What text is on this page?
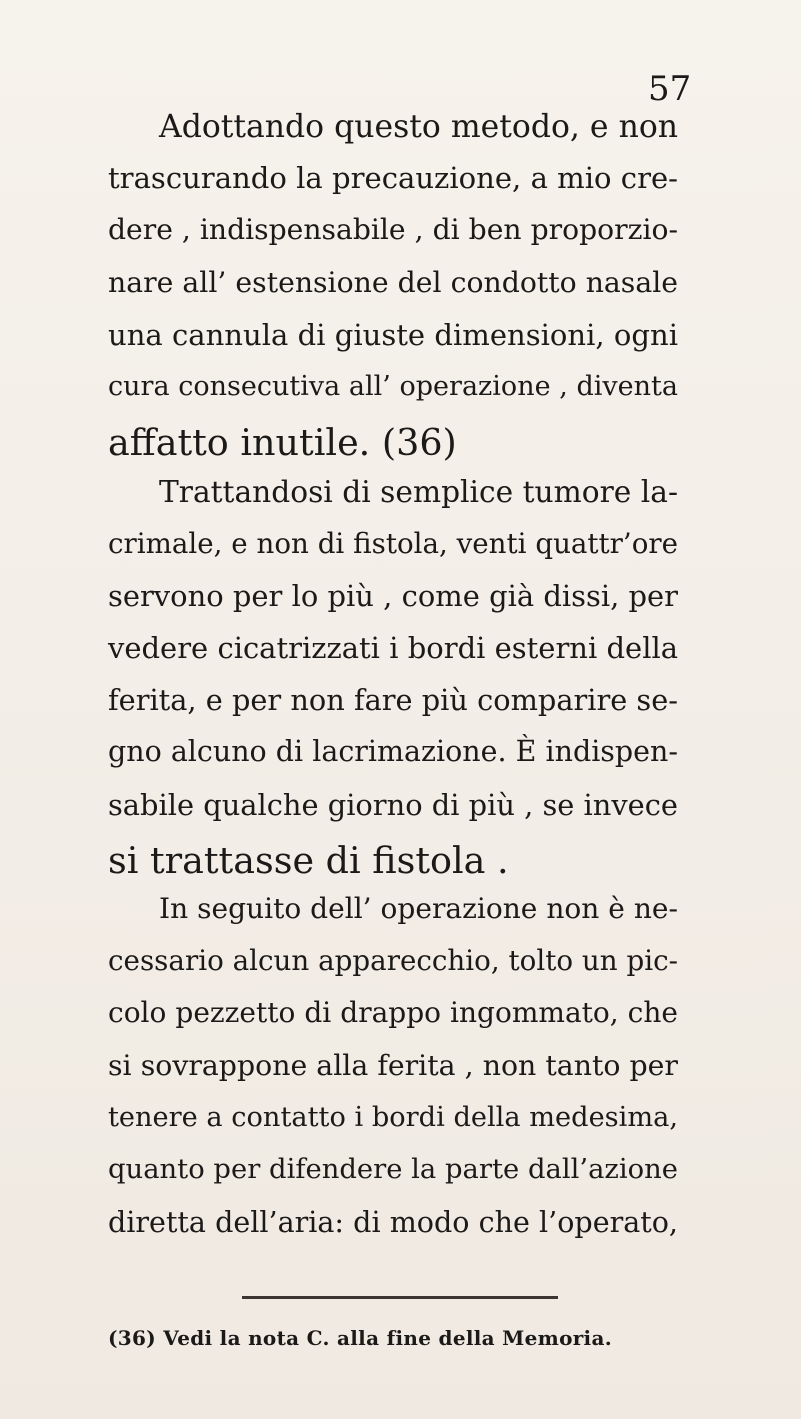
57
Adottando questo metodo, e non
trascurando la precauzione, a mio cre-
dere , indispensabile , di ben proporzio-
nare all’ estensione del condotto nasale
una cannula di giuste dimensioni, ogni
cura consecutiva all’ operazione , diventa
affatto inutile. (36)
Trattandosi di semplice tumore la-
crimale, e non di fistola, venti quattr’ore
servono per lo più , come già dissi, per
vedere cicatrizzati i bordi esterni della
ferita, e per non fare più comparire se-
gno alcuno di lacrimazione. È indispen-
sabile qualche giorno di più , se invece
si trattasse di fistola .
In seguito dell’ operazione non è ne-
cessario alcun apparecchio, tolto un pic-
colo pezzetto di drappo ingommato, che
si sovrappone alla ferita , non tanto per
tenere a contatto i bordi della medesima,
quanto per difendere la parte dall’azione
diretta dell’aria: di modo che l’operato,
(36) Vedi la nota C. alla fine della Memoria.
